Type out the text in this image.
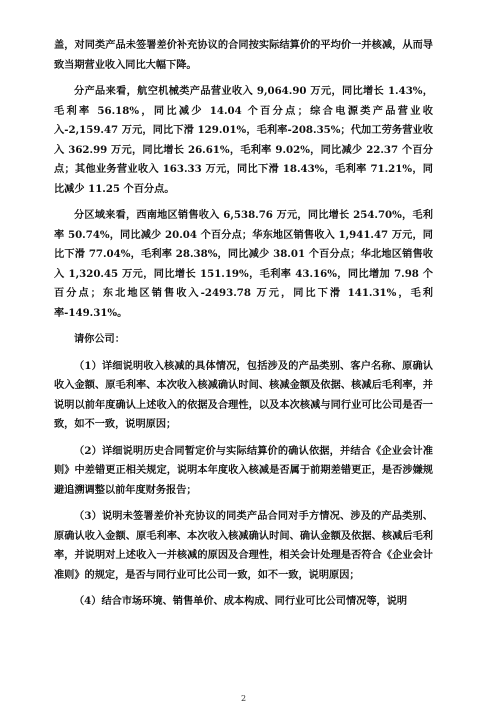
盖，对同类产品未签署差价补充协议的合同按实际结算价的平均价一并核减，从而导致当期营业收入同比大幅下降。

分产品来看，航空机械类产品营业收入 9,064.90 万元，同比增长 1.43%，毛利率 56.18%，同比减少 14.04 个百分点；综合电源类产品营业收入-2,159.47 万元，同比下滑 129.01%，毛利率-208.35%；代加工劳务营业收入 362.99 万元，同比增长 26.61%，毛利率 9.02%，同比减少 22.37 个百分点；其他业务营业收入 163.33 万元，同比下滑 18.43%，毛利率 71.21%，同比减少 11.25 个百分点。

分区域来看，西南地区销售收入 6,538.76 万元，同比增长 254.70%，毛利率 50.74%，同比减少 20.04 个百分点；华东地区销售收入 1,941.47 万元，同比下滑 77.04%，毛利率 28.38%，同比减少 38.01 个百分点；华北地区销售收入 1,320.45 万元，同比增长 151.19%，毛利率 43.16%，同比增加 7.98 个百分点；东北地区销售收入-2493.78 万元，同比下滑 141.31%，毛利率-149.31%。

请你公司：

（1）详细说明收入核减的具体情况，包括涉及的产品类别、客户名称、原确认收入金额、原毛利率、本次收入核减确认时间、核减金额及依据、核减后毛利率，并说明以前年度确认上述收入的依据及合理性，以及本次核减与同行业可比公司是否一致，如不一致，说明原因；

（2）详细说明历史合同暂定价与实际结算价的确认依据，并结合《企业会计准则》中差错更正相关规定，说明本年度收入核减是否属于前期差错更正，是否涉嫌规避追溯调整以前年度财务报告；

（3）说明未签署差价补充协议的同类产品合同对手方情况、涉及的产品类别、原确认收入金额、原毛利率、本次收入核减确认时间、确认金额及依据、核减后毛利率，并说明对上述收入一并核减的原因及合理性，相关会计处理是否符合《企业会计准则》的规定，是否与同行业可比公司一致，如不一致，说明原因；

（4）结合市场环境、销售单价、成本构成、同行业可比公司情况等，说明

2
